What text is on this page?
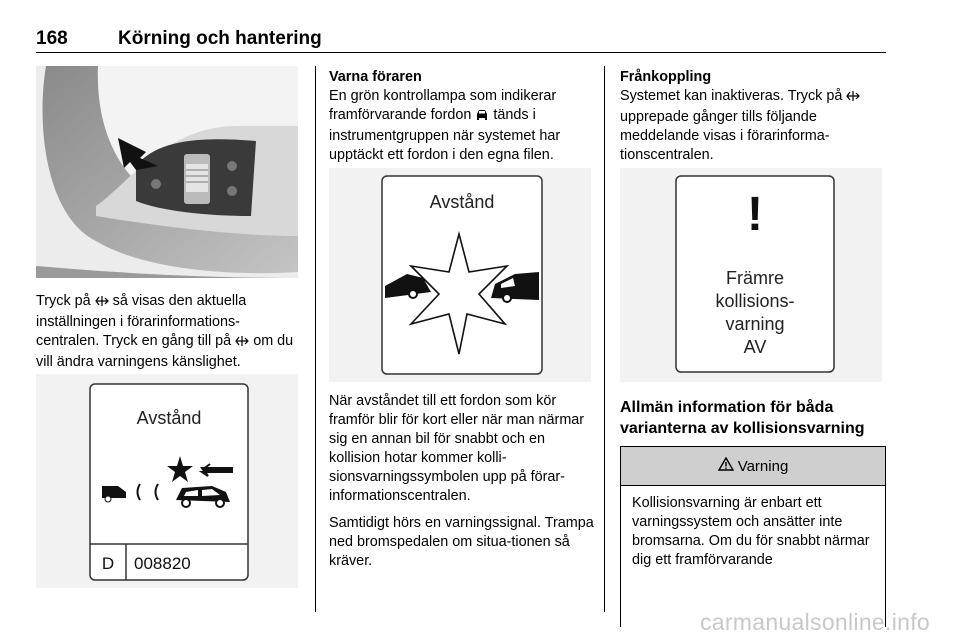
168	Körning och hantering

Tryck på så visas den aktuella inställningen i förarinformations-centralen. Tryck en gång till på om du vill ändra varningens känslighet.

Avstånd
D	008820

Varna föraren

En grön kontrollampa som indikerar framförvarande fordon tänds i instrumentgruppen när systemet har upptäckt ett fordon i den egna filen.

Avstånd

När avståndet till ett fordon som kör framför blir för kort eller när man närmar sig en annan bil för snabbt och en kollision hotar kommer kolli-sionsvarningssymbolen upp på förar-informationscentralen.

Samtidigt hörs en varningssignal. Trampa ned bromspedalen om situa-tionen så kräver.

Frånkoppling

Systemet kan inaktiveras. Tryck på  upprepade gånger tills följande meddelande visas i förarinforma-tionscentralen.

!
Främre
kollisions-
varning
AV
Allmän information för båda varianterna av kollisionsvarning
Varning
Kollisionsvarning är enbart ett varningssystem och ansätter inte bromsarna. Om du för snabbt närmar dig ett framförvarande
carmanualsonline.info
